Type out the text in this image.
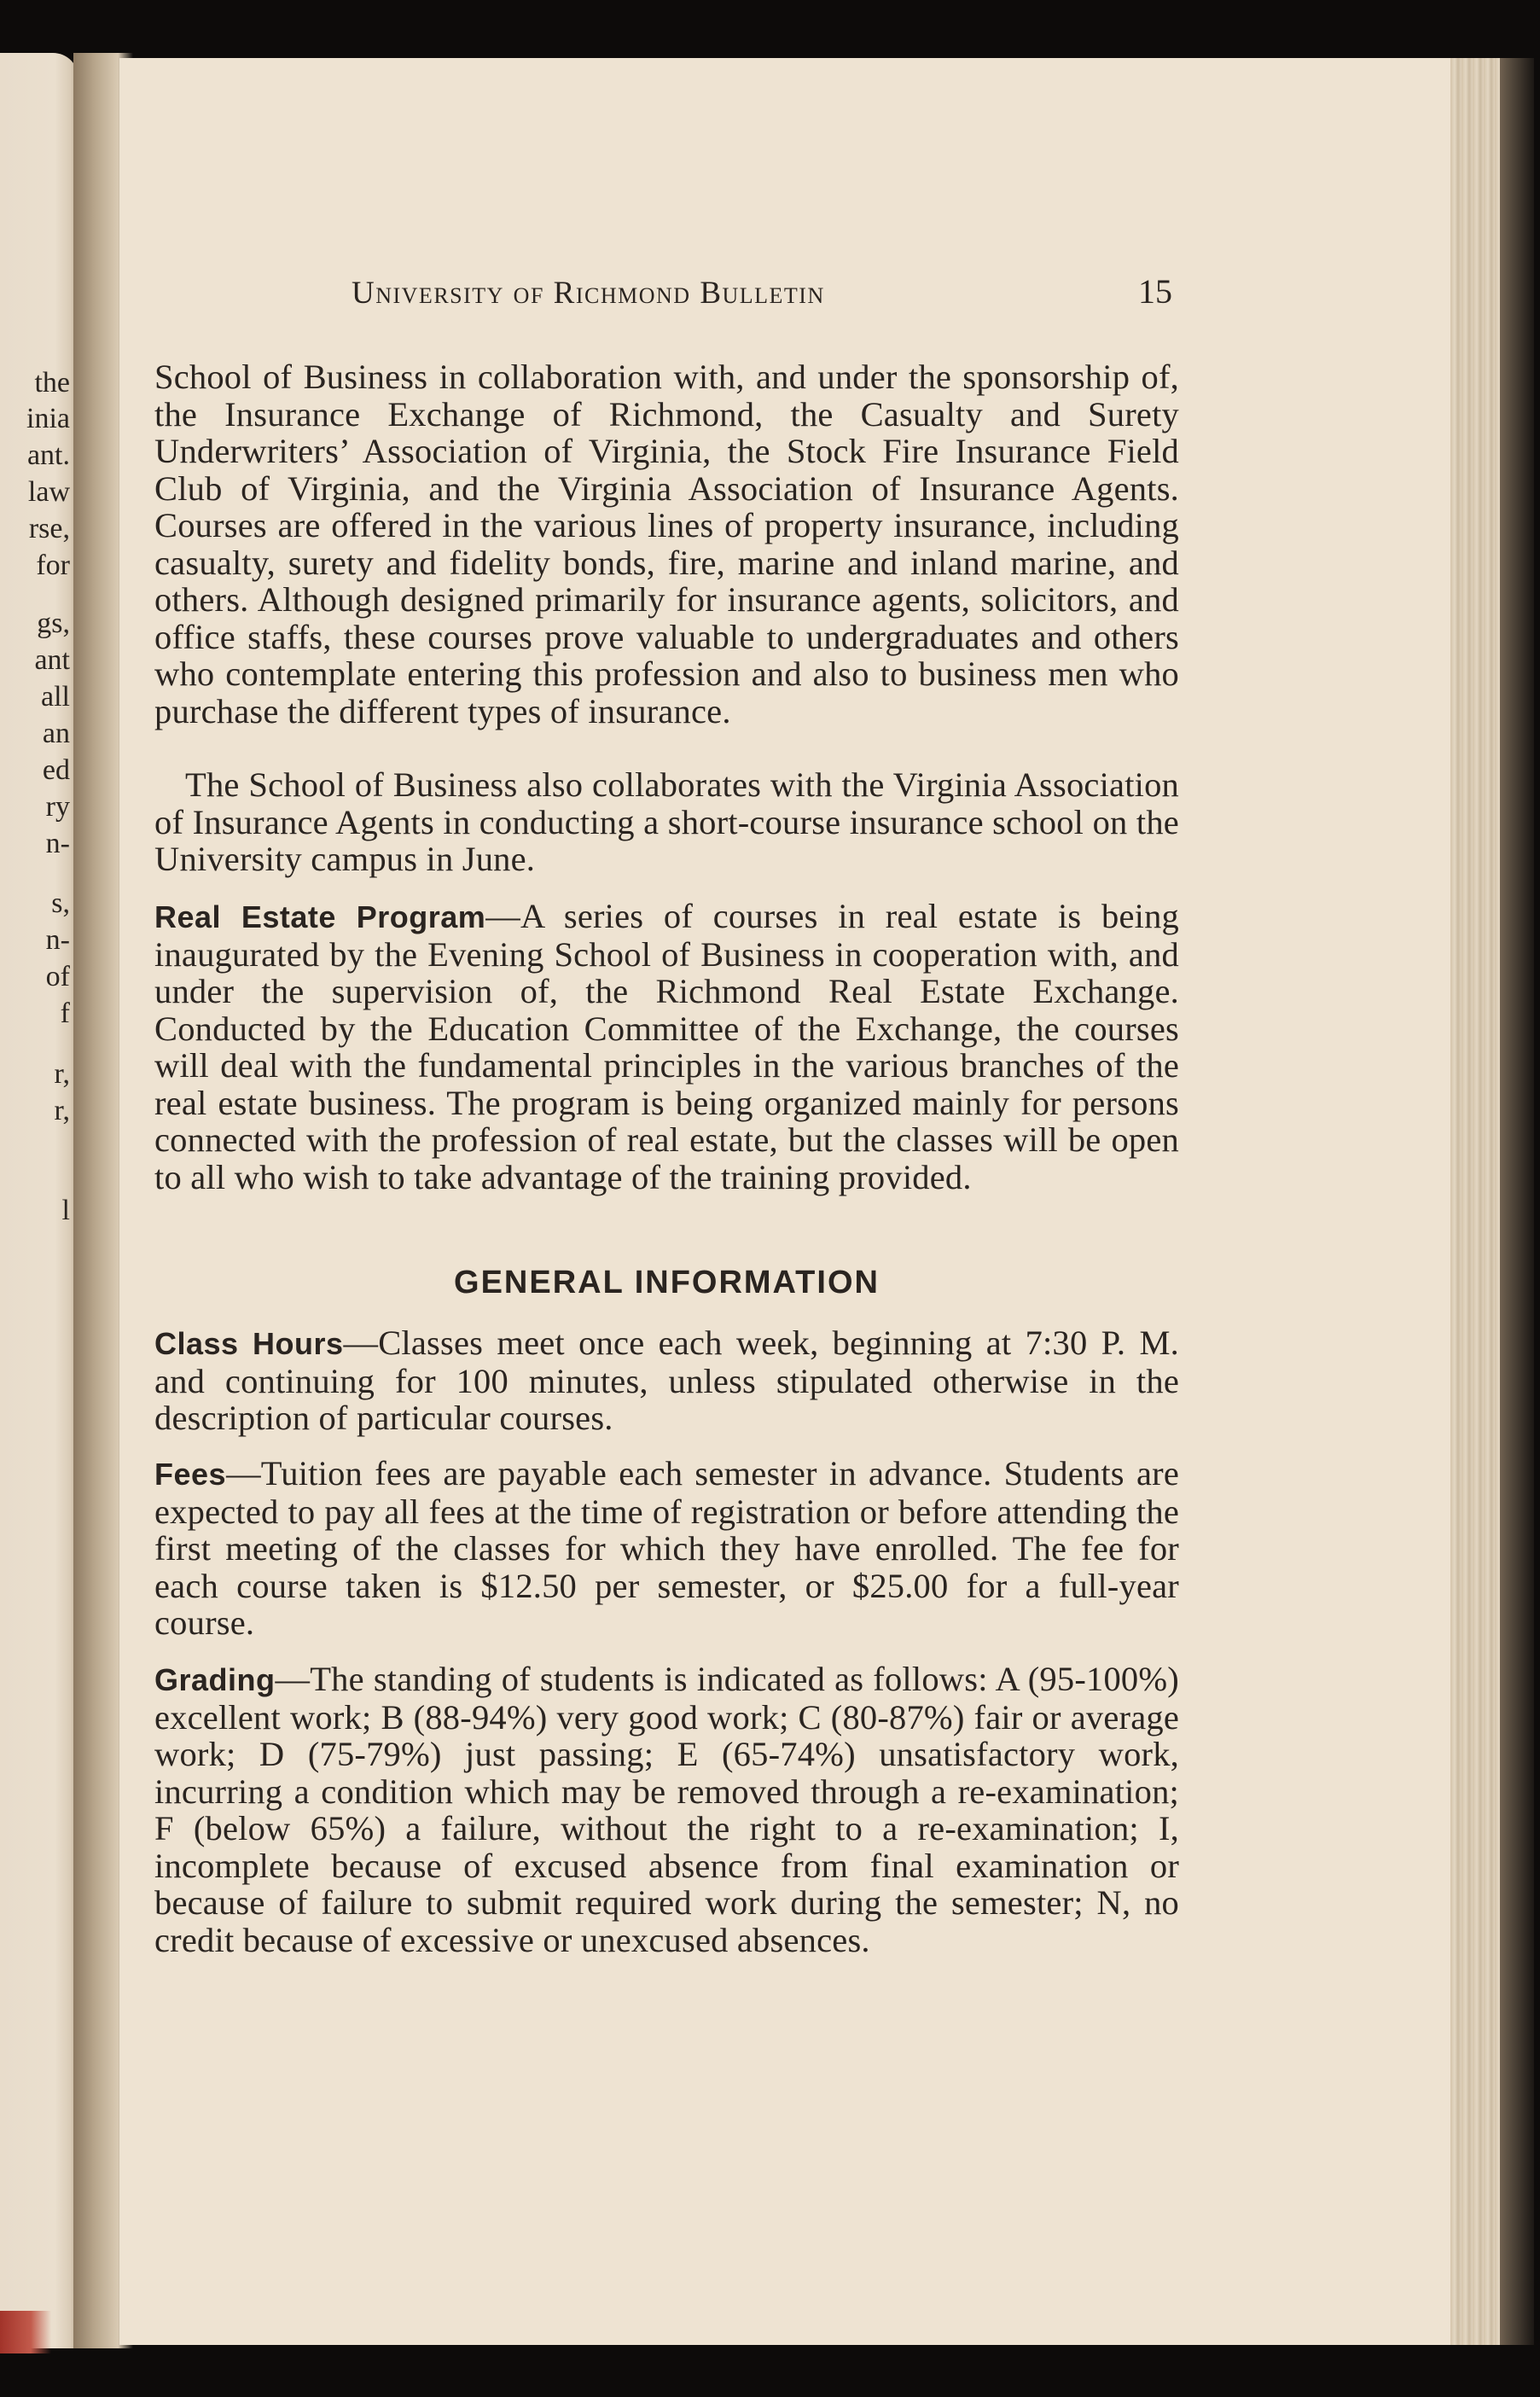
the
inia
ant.
law
rse,
for
gs,
ant
all
an
ed
ry
n-
s,
n-
of
f
r,
r,
l
University of Richmond Bulletin	15

School of Business in collaboration with, and under the sponsorship of, the Insurance Exchange of Richmond, the Casualty and Surety Underwriters’ Association of Virginia, the Stock Fire Insurance Field Club of Virginia, and the Virginia Association of Insurance Agents. Courses are offered in the various lines of property insurance, including casualty, surety and fidelity bonds, fire, marine and inland marine, and others. Although designed primarily for insurance agents, solicitors, and office staffs, these courses prove valuable to undergraduates and others who contemplate entering this profession and also to business men who purchase the different types of insurance.

The School of Business also collaborates with the Virginia Association of Insurance Agents in conducting a short-course insurance school on the University campus in June.

Real Estate Program—A series of courses in real estate is being inaugurated by the Evening School of Business in cooperation with, and under the supervision of, the Richmond Real Estate Exchange. Conducted by the Education Committee of the Exchange, the courses will deal with the fundamental principles in the various branches of the real estate business. The program is being organized mainly for persons connected with the profession of real estate, but the classes will be open to all who wish to take advantage of the training provided.

GENERAL INFORMATION

Class Hours—Classes meet once each week, beginning at 7:30 P. M. and continuing for 100 minutes, unless stipulated otherwise in the description of particular courses.

Fees—Tuition fees are payable each semester in advance. Students are expected to pay all fees at the time of registration or before attending the first meeting of the classes for which they have enrolled. The fee for each course taken is $12.50 per semester, or $25.00 for a full-year course.

Grading—The standing of students is indicated as follows: A (95-100%) excellent work; B (88-94%) very good work; C (80-87%) fair or average work; D (75-79%) just passing; E (65-74%) unsatisfactory work, incurring a condition which may be removed through a re-examination; F (below 65%) a failure, without the right to a re-examination; I, incomplete because of excused absence from final examination or because of failure to submit required work during the semester; N, no credit because of excessive or unexcused absences.
